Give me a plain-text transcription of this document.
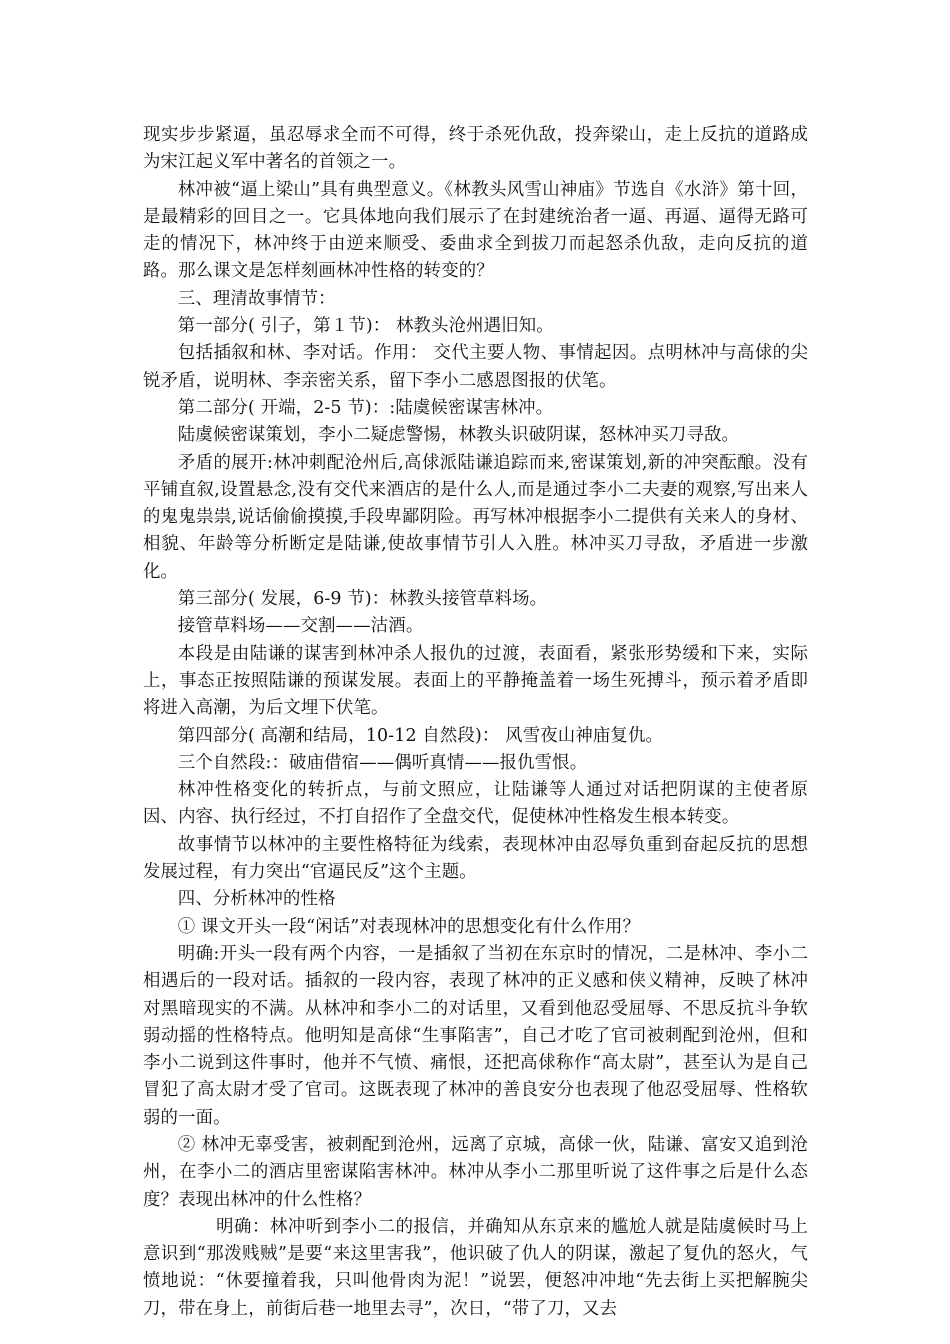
现实步步紧逼，虽忍辱求全而不可得，终于杀死仇敌，投奔梁山，走上反抗的道路成为宋江起义军中著名的首领之一。

林冲被“逼上梁山”具有典型意义。《林教头风雪山神庙》节选自《水浒》第十回，是最精彩的回目之一。它具体地向我们展示了在封建统治者一逼、再逼、逼得无路可走的情况下，林冲终于由逆来顺受、委曲求全到拔刀而起怒杀仇敌，走向反抗的道路。那么课文是怎样刻画林冲性格的转变的？

三、理清故事情节：

第一部分( 引子，第１节)： 林教头沧州遇旧知。

包括插叙和林、李对话。作用： 交代主要人物、事情起因。点明林冲与高俅的尖锐矛盾，说明林、李亲密关系，留下李小二感恩图报的伏笔。

第二部分( 开端，2-5 节)：:陆虞候密谋害林冲。

陆虞候密谋策划，李小二疑虑警惕，林教头识破阴谋，怒林冲买刀寻敌。

矛盾的展开:林冲刺配沧州后,高俅派陆谦追踪而来,密谋策划,新的冲突酝酿。没有平铺直叙,设置悬念,没有交代来酒店的是什么人,而是通过李小二夫妻的观察,写出来人的鬼鬼祟祟,说话偷偷摸摸,手段卑鄙阴险。再写林冲根据李小二提供有关来人的身材、相貌、年龄等分析断定是陆谦,使故事情节引人入胜。林冲买刀寻敌，矛盾进一步激化。

第三部分( 发展，6-9 节)：林教头接管草料场。

接管草料场——交割——沽酒。

本段是由陆谦的谋害到林冲杀人报仇的过渡，表面看，紧张形势缓和下来，实际上，事态正按照陆谦的预谋发展。表面上的平静掩盖着一场生死搏斗，预示着矛盾即将进入高潮，为后文埋下伏笔。

第四部分( 高潮和结局，10-12 自然段)： 风雪夜山神庙复仇。

三个自然段:：破庙借宿——偶听真情——报仇雪恨。

林冲性格变化的转折点，与前文照应，让陆谦等人通过对话把阴谋的主使者原因、内容、执行经过，不打自招作了全盘交代，促使林冲性格发生根本转变。

故事情节以林冲的主要性格特征为线索，表现林冲由忍辱负重到奋起反抗的思想发展过程，有力突出“官逼民反”这个主题。

四、分析林冲的性格

① 课文开头一段“闲话”对表现林冲的思想变化有什么作用？

明确:开头一段有两个内容，一是插叙了当初在东京时的情况，二是林冲、李小二相遇后的一段对话。插叙的一段内容，表现了林冲的正义感和侠义精神，反映了林冲对黑暗现实的不满。从林冲和李小二的对话里，又看到他忍受屈辱、不思反抗斗争软弱动摇的性格特点。他明知是高俅“生事陷害”，自己才吃了官司被刺配到沧州，但和李小二说到这件事时，他并不气愤、痛恨，还把高俅称作“高太尉”，甚至认为是自己冒犯了高太尉才受了官司。这既表现了林冲的善良安分也表现了他忍受屈辱、性格软弱的一面。

② 林冲无辜受害，被刺配到沧州，远离了京城，高俅一伙，陆谦、富安又追到沧州，在李小二的酒店里密谋陷害林冲。林冲从李小二那里听说了这件事之后是什么态度？表现出林冲的什么性格？

明确：林冲听到李小二的报信，并确知从东京来的尴尬人就是陆虞候时马上意识到“那泼贱贼”是要“来这里害我”，他识破了仇人的阴谋，激起了复仇的怒火，气愤地说：“休要撞着我，只叫他骨肉为泥！”说罢，便怒冲冲地“先去街上买把解腕尖刀，带在身上，前街后巷一地里去寻”，次日，“带了刀，又去
